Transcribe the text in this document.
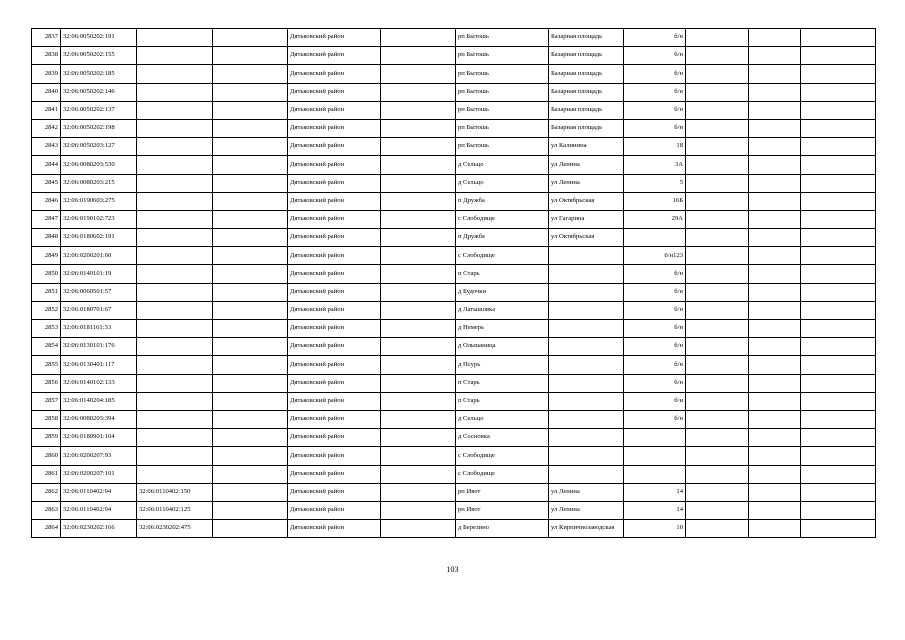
2837	32:06:0050202:191			Дятьковский район		рп Бытошь	Базарная площадь	б/н			
2838	32:06:0050202:155			Дятьковский район		рп Бытошь	Базарная площадь	б/н			
2839	32:06:0050202:185			Дятьковский район		рп Бытошь	Базарная площадь	б/н			
2840	32:06:0050202:146			Дятьковский район		рп Бытошь	Базарная площадь	б/н			
2841	32:06:0050202:137			Дятьковский район		рп Бытошь	Базарная площадь	б/н			
2842	32:06:0050202:198			Дятьковский район		рп Бытошь	Базарная площадь	б/н			
2843	32:06:0050203:127			Дятьковский район		рп Бытошь	ул Калинина	18			
2844	32:06:0080203:530			Дятьковский район		д Сельцо	ул Ленина	3А			
2845	32:06:0080203:215			Дятьковский район		д Сельцо	ул Ленина	5			
2846	32:06:0190603:275			Дятьковский район		п Дружба	ул Октябрьская	16Б			
2847	32:06:0190102:723			Дятьковский район		с Слободище	ул Гагарина	29А			
2848	32:06:0180602:191			Дятьковский район		п Дружба	ул Октябрьская				
2849	32:06:0200201:60			Дятьковский район		с Слободище		б/н123			
2850	32:06:0140101:19			Дятьковский район		п Старь		б/н			
2851	32:06:0060501:57			Дятьковский район		д Будочки		б/н			
2852	32:06:0180701:67			Дятьковский район		д Латышовка		б/н			
2853	32:06:0181101:33			Дятьковский район		д Немерь		б/н			
2854	32:06:0130101:176			Дятьковский район		д Ольшаница		б/н			
2855	32:06:0130401:117			Дятьковский район		д Псурь		б/н			
2856	32:06:0140102:133			Дятьковский район		п Старь		б/н			
2857	32:06:0140204:185			Дятьковский район		п Старь		б/н			
2858	32:06:0080203:394			Дятьковский район		д Сельцо		б/н			
2859	32:06:0180901:104			Дятьковский район		д Сосновка					
2860	32:06:0200207:93			Дятьковский район		с Слободище					
2861	32:06:0200207:101			Дятьковский район		с Слободище					
2862	32:06:0110402:94	32:06:0110402:150		Дятьковский район		рп Ивот	ул Ленина	14			
2863	32:06:0110402:94	32:06:0110402:125		Дятьковский район		рп Ивот	ул Ленина	14			
2864	32:06:0230202:166	32:06:0230202:475		Дятьковский район		д Березино	ул Кирпичнозаводская	10			
103
